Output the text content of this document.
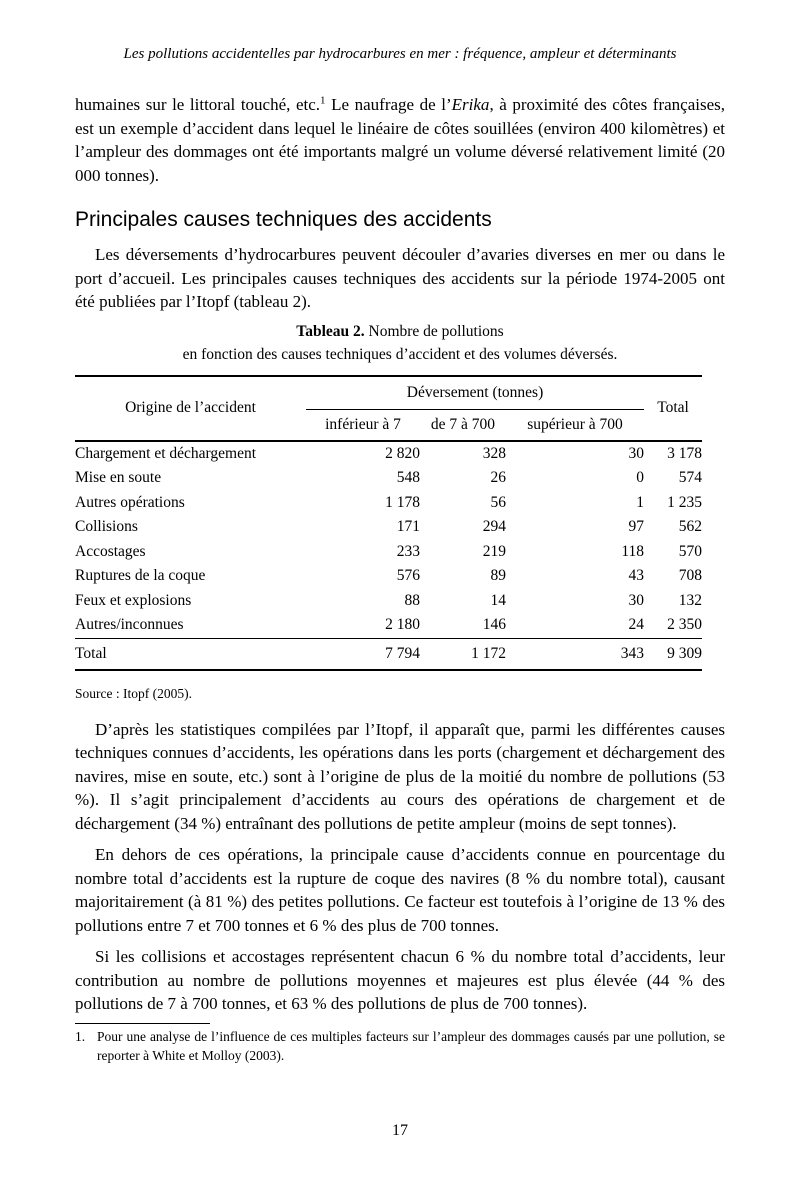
Les pollutions accidentelles par hydrocarbures en mer : fréquence, ampleur et déterminants

humaines sur le littoral touché, etc.$^1$ Le naufrage de l’Erika, à proximité des côtes françaises, est un exemple d’accident dans lequel le linéaire de côtes souillées (environ 400 kilomètres) et l’ampleur des dommages ont été importants malgré un volume déversé relativement limité (20 000 tonnes).

Principales causes techniques des accidents

Les déversements d’hydrocarbures peuvent découler d’avaries diverses en mer ou dans le port d’accueil. Les principales causes techniques des accidents sur la période 1974-2005 ont été publiées par l’Itopf (tableau 2).

Tableau 2. Nombre de pollutions
en fonction des causes techniques d’accident et des volumes déversés.

Origine de l’accident	Déversement (tonnes)			Total
	inférieur à 7	de 7 à 700	supérieur à 700	
Chargement et déchargement	2 820	328	30	3 178
Mise en soute	548	26	0	574
Autres opérations	1 178	56	1	1 235
Collisions	171	294	97	562
Accostages	233	219	118	570
Ruptures de la coque	576	89	43	708
Feux et explosions	88	14	30	132
Autres/inconnues	2 180	146	24	2 350
Total	7 794	1 172	343	9 309

Source : Itopf (2005).

D’après les statistiques compilées par l’Itopf, il apparaît que, parmi les différentes causes techniques connues d’accidents, les opérations dans les ports (chargement et déchargement des navires, mise en soute, etc.) sont à l’origine de plus de la moitié du nombre de pollutions (53 %). Il s’agit principalement d’accidents au cours des opérations de chargement et de déchargement (34 %) entraînant des pollutions de petite ampleur (moins de sept tonnes).

En dehors de ces opérations, la principale cause d’accidents connue en pourcentage du nombre total d’accidents est la rupture de coque des navires (8 % du nombre total), causant majoritairement (à 81 %) des petites pollutions. Ce facteur est toutefois à l’origine de 13 % des pollutions entre 7 et 700 tonnes et 6 % des plus de 700 tonnes.

Si les collisions et accostages représentent chacun 6 % du nombre total d’accidents, leur contribution au nombre de pollutions moyennes et majeures est plus élevée (44 % des pollutions de 7 à 700 tonnes, et 63 % des pollutions de plus de 700 tonnes).

1. Pour une analyse de l’influence de ces multiples facteurs sur l’ampleur des dommages causés par une pollution, se reporter à White et Molloy (2003).
17
